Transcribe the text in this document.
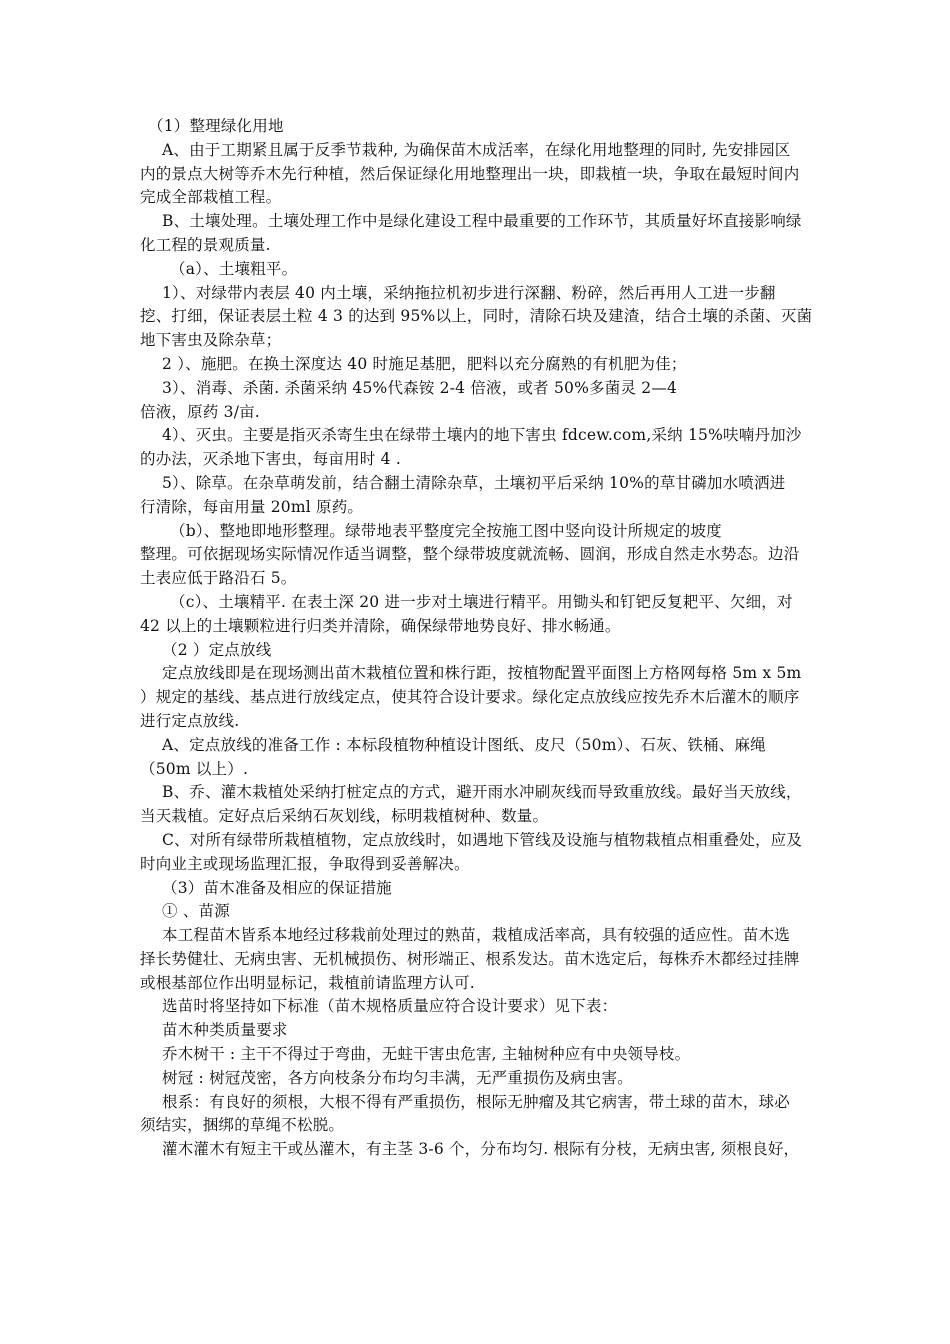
（1）整理绿化用地
A、由于工期紧且属于反季节栽种, 为确保苗木成活率，在绿化用地整理的同时, 先安排园区
内的景点大树等乔木先行种植，然后保证绿化用地整理出一块，即栽植一块，争取在最短时间内
完成全部栽植工程。
B、土壤处理。土壤处理工作中是绿化建设工程中最重要的工作环节，其质量好坏直接影响绿
化工程的景观质量.
（a）、土壤粗平。
1）、对绿带内表层 40 内土壤，采纳拖拉机初步进行深翻、粉碎，然后再用人工进一步翻
挖、打细，保证表层土粒 4 3 的达到 95%以上，同时，清除石块及建渣，结合土壤的杀菌、灭菌
地下害虫及除杂草；
2 ）、施肥。在换土深度达 40 时施足基肥，肥料以充分腐熟的有机肥为佳；
3）、消毒、杀菌. 杀菌采纳 45%代森铵 2-4 倍液，或者 50%多菌灵 2—4
倍液，原药 3/亩.
4）、灭虫。主要是指灭杀寄生虫在绿带土壤内的地下害虫 fdcew.com,采纳 15%呋喃丹加沙
的办法，灭杀地下害虫，每亩用时 4 .
5）、除草。在杂草萌发前，结合翻土清除杂草，土壤初平后采纳 10%的草甘磷加水喷洒进
行清除，每亩用量 20ml 原药。
（b）、整地即地形整理。绿带地表平整度完全按施工图中竖向设计所规定的坡度
整理。可依据现场实际情况作适当调整，整个绿带坡度就流畅、圆润，形成自然走水势态。边沿
土表应低于路沿石 5。
（c）、土壤精平. 在表土深 20 进一步对土壤进行精平。用锄头和钉钯反复耙平、欠细，对
42 以上的土壤颗粒进行归类并清除，确保绿带地势良好、排水畅通。
（2 ）定点放线
定点放线即是在现场测出苗木栽植位置和株行距，按植物配置平面图上方格网每格 5m x 5m
）规定的基线、基点进行放线定点，使其符合设计要求。绿化定点放线应按先乔木后灌木的顺序
进行定点放线.
A、定点放线的准备工作 : 本标段植物种植设计图纸、皮尺（50m）、石灰、铁桶、麻绳
（50m 以上）.
B、乔、灌木栽植处采纳打桩定点的方式，避开雨水冲刷灰线而导致重放线。最好当天放线，
当天栽植。定好点后采纳石灰划线，标明栽植树种、数量。
C、对所有绿带所栽植植物，定点放线时，如遇地下管线及设施与植物栽植点相重叠处，应及
时向业主或现场监理汇报，争取得到妥善解决。
（3）苗木准备及相应的保证措施
① 、苗源
本工程苗木皆系本地经过移栽前处理过的熟苗，栽植成活率高，具有较强的适应性。苗木选
择长势健壮、无病虫害、无机械损伤、树形端正、根系发达。苗木选定后，每株乔木都经过挂牌
或根基部位作出明显标记，栽植前请监理方认可.
选苗时将坚持如下标准（苗木规格质量应符合设计要求）见下表：
苗木种类质量要求
乔木树干 : 主干不得过于弯曲，无蛀干害虫危害, 主轴树种应有中央领导枝。
树冠 : 树冠茂密，各方向枝条分布均匀丰满，无严重损伤及病虫害。
根系：有良好的须根，大根不得有严重损伤，根际无肿瘤及其它病害，带土球的苗木，球必
须结实，捆绑的草绳不松脱。
灌木灌木有短主干或丛灌木，有主茎 3-6 个，分布均匀. 根际有分枝，无病虫害, 须根良好，
